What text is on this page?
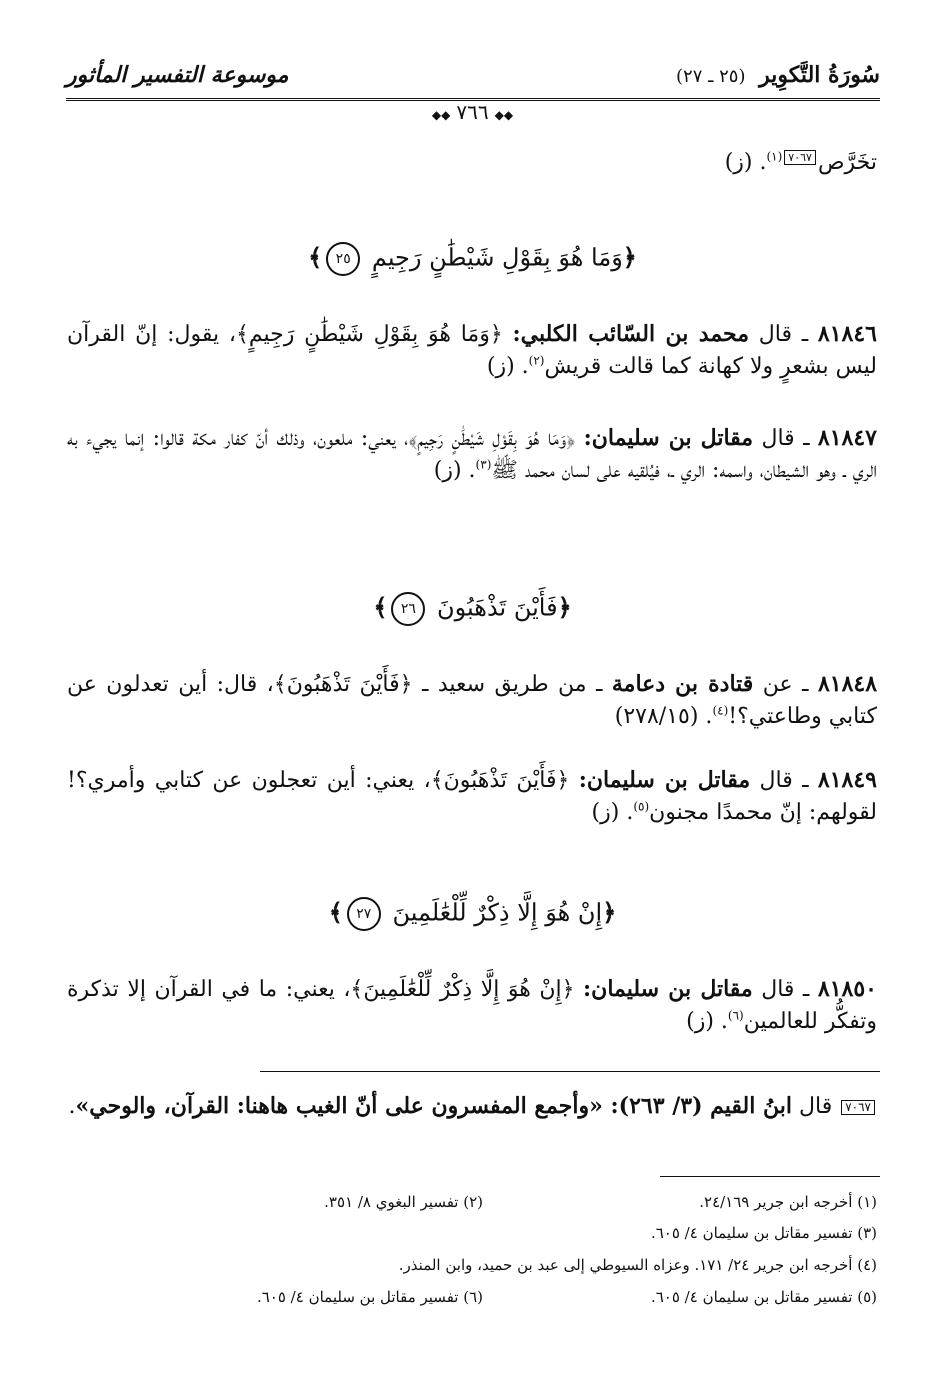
سُورَةُ التَّكوِير (٢٥ ـ ٢٧)
موسوعة التفسير المأثور
◆◆٧٦٦◆◆
تخَرَّص٧٠٦٧$^{(١)}$. (ز)
﴿وَمَا هُوَ بِقَوْلِ شَيْطَٰنٍ رَجِيمٍ ٢٥﴾
٨١٨٤٦ ـ قال محمد بن السّائب الكلبي: ﴿وَمَا هُوَ بِقَوْلِ شَيْطَٰنٍ رَجِيمٍ﴾، يقول: إنّ القرآن ليس بشعرٍ ولا كهانة كما قالت قريش$^{(٢)}$. (ز)
٨١٨٤٧ ـ قال مقاتل بن سليمان: ﴿وَمَا هُوَ بِقَوْلِ شَيْطَٰنٍ رَجِيمٍ﴾، يعني: ملعون، وذلك أنّ كفار مكة قالوا: إنما يجيء به الري ـ وهو الشيطان، واسمه: الري ـ، فيُلقيه على لسان محمد ﷺ$^{(٣)}$. (ز)
﴿فَأَيْنَ تَذْهَبُونَ ٢٦﴾
٨١٨٤٨ ـ عن قتادة بن دعامة ـ من طريق سعيد ـ ﴿فَأَيْنَ تَذْهَبُونَ﴾، قال: أين تعدلون عن كتابي وطاعتي؟!$^{(٤)}$. (٢٧٨/١٥)
٨١٨٤٩ ـ قال مقاتل بن سليمان: ﴿فَأَيْنَ تَذْهَبُونَ﴾، يعني: أين تعجلون عن كتابي وأمري؟! لقولهم: إنّ محمدًا مجنون$^{(٥)}$. (ز)
﴿إِنْ هُوَ إِلَّا ذِكْرٌ لِّلْعَٰلَمِينَ ٢٧﴾
٨١٨٥٠ ـ قال مقاتل بن سليمان: ﴿إِنْ هُوَ إِلَّا ذِكْرٌ لِّلْعَٰلَمِينَ﴾، يعني: ما في القرآن إلا تذكرة وتفكُّر للعالمين$^{(٦)}$. (ز)
٧٠٦٧ قال ابنُ القيم (٣/ ٢٦٣): «وأجمع المفسرون على أنّ الغيب هاهنا: القرآن، والوحي».
(١) أخرجه ابن جرير ٢٤/١٦٩.
(٢) تفسير البغوي ٨/ ٣٥١.
(٣) تفسير مقاتل بن سليمان ٤/ ٦٠٥.
(٤) أخرجه ابن جرير ٢٤/ ١٧١. وعزاه السيوطي إلى عبد بن حميد، وابن المنذر.
(٥) تفسير مقاتل بن سليمان ٤/ ٦٠٥.
(٦) تفسير مقاتل بن سليمان ٤/ ٦٠٥.
